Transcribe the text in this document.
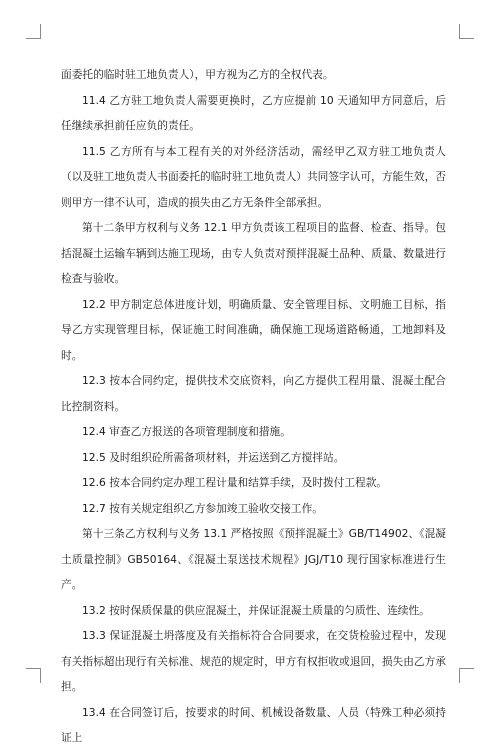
面委托的临时驻工地负责人），甲方视为乙方的全权代表。

11.4 乙方驻工地负责人需要更换时，乙方应提前 10 天通知甲方同意后，后任继续承担前任应负的责任。

11.5 乙方所有与本工程有关的对外经济活动，需经甲乙双方驻工地负责人（以及驻工地负责人书面委托的临时驻工地负责人）共同签字认可，方能生效，否则甲方一律不认可，造成的损失由乙方无条件全部承担。

第十二条甲方权利与义务 12.1 甲方负责该工程项目的监督、检查、指导。包括混凝土运输车辆到达施工现场，由专人负责对预拌混凝土品种、质量、数量进行检查与验收。

12.2 甲方制定总体进度计划，明确质量、安全管理目标、文明施工目标，指导乙方实现管理目标，保证施工时间准确，确保施工现场道路畅通，工地卸料及时。

12.3 按本合同约定，提供技术交底资料，向乙方提供工程用量、混凝土配合比控制资料。

12.4 审查乙方报送的各项管理制度和措施。

12.5 及时组织砼所需备项材料，并运送到乙方搅拌站。

12.6 按本合同约定办理工程计量和结算手续，及时拨付工程款。

12.7 按有关规定组织乙方参加竣工验收交接工作。

第十三条乙方权利与义务 13.1 严格按照《预拌混凝土》GB/T14902、《混凝土质量控制》GB50164、《混凝土泵送技术规程》JGJ/T10 现行国家标准进行生产。

13.2 按时保质保量的供应混凝土，并保证混凝土质量的匀质性、连续性。

13.3 保证混凝土坍落度及有关指标符合合同要求，在交货检验过程中，发现有关指标超出现行有关标准、规范的规定时，甲方有权拒收或退回，损失由乙方承担。

13.4 在合同签订后，按要求的时间、机械设备数量、人员（特殊工种必须持证上
